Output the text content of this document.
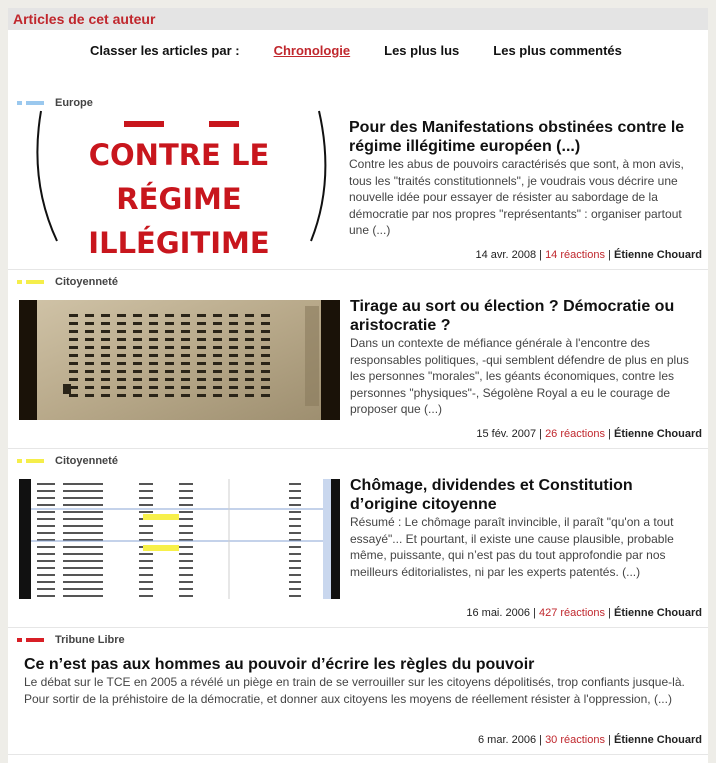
Articles de cet auteur
Classer les articles par :	Chronologie	Les plus lus	Les plus commentés
Europe
CONTRE LE
RÉGIME
ILLÉGITIME
Pour des Manifestations obstinées contre le régime illégitime européen (...)
Contre les abus de pouvoirs caractérisés que sont, à mon avis, tous les "traités constitutionnels", je voudrais vous décrire une nouvelle idée pour essayer de résister au sabordage de la démocratie par nos propres "représentants" : organiser partout une (...)
14 avr. 2008 | 14 réactions | Étienne Chouard
Citoyenneté
Tirage au sort ou élection ? Démocratie ou aristocratie ?
Dans un contexte de méfiance générale à l'encontre des responsables politiques, -qui semblent défendre de plus en plus les personnes "morales", les géants économiques, contre les personnes "physiques"-, Ségolène Royal a eu le courage de proposer que (...)
15 fév. 2007 | 26 réactions | Étienne Chouard
Citoyenneté
Chômage, dividendes et Constitution d’origine citoyenne
Résumé : Le chômage paraît invincible, il paraît "qu'on a tout essayé"... Et pourtant, il existe une cause plausible, probable même, puissante, qui n’est pas du tout approfondie par nos meilleurs éditorialistes, ni par les experts patentés. (...)
16 mai. 2006 | 427 réactions | Étienne Chouard
Tribune Libre
Ce n’est pas aux hommes au pouvoir d’écrire les règles du pouvoir
Le débat sur le TCE en 2005 a révélé un piège en train de se verrouiller sur les citoyens dépolitisés, trop confiants jusque-là. Pour sortir de la préhistoire de la démocratie, et donner aux citoyens les moyens de réellement résister à l'oppression, (...)
6 mar. 2006 | 30 réactions | Étienne Chouard
